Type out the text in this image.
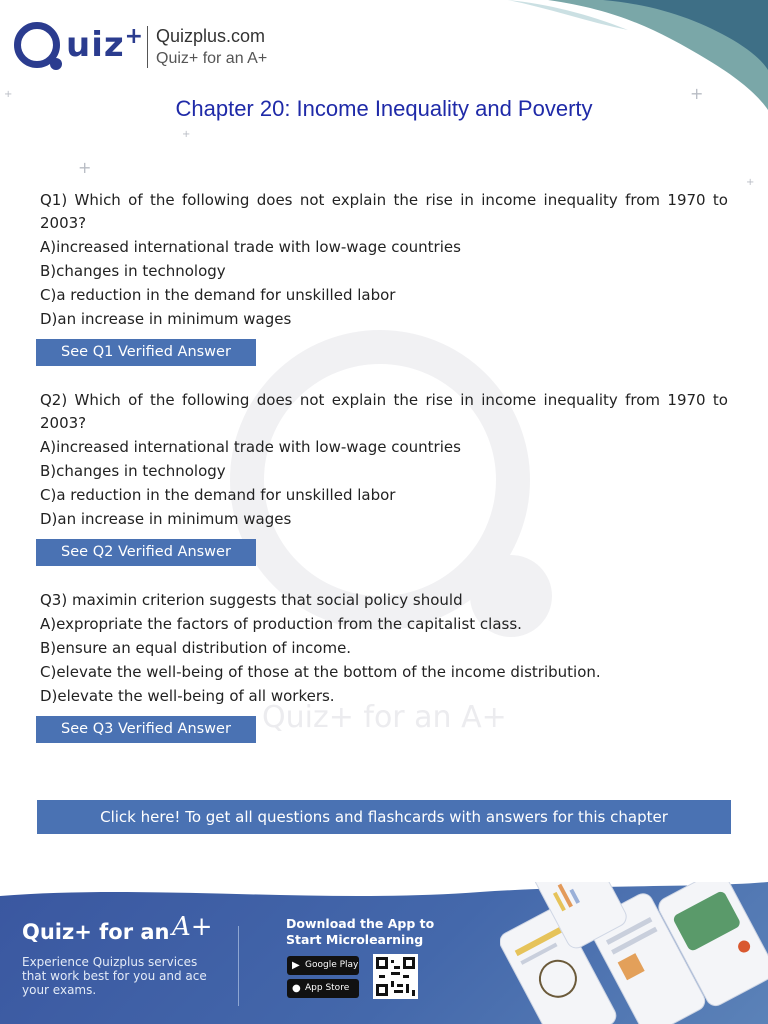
+
+
+
+
+
Quiz+ for an A+
uiz + Quizplus.com
Quiz+ for an A+
Chapter 20: Income Inequality and Poverty
Q1) Which of the following does not explain the rise in income inequality from 1970 to 2003?
A)increased international trade with low-wage countries
B)changes in technology
C)a reduction in the demand for unskilled labor
D)an increase in minimum wages
See Q1 Verified Answer
Q2) Which of the following does not explain the rise in income inequality from 1970 to 2003?
A)increased international trade with low-wage countries
B)changes in technology
C)a reduction in the demand for unskilled labor
D)an increase in minimum wages
See Q2 Verified Answer
Q3) maximin criterion suggests that social policy should
A)expropriate the factors of production from the capitalist class.
B)ensure an equal distribution of income.
C)elevate the well-being of those at the bottom of the income distribution.
D)elevate the well-being of all workers.
See Q3 Verified Answer
Click here! To get all questions and flashcards with answers for this chapter
Quiz+ for an A+
Experience Quizplus services that work best for you and ace your exams.
Download the App to Start Microlearning
▶ Google Play
● App Store
